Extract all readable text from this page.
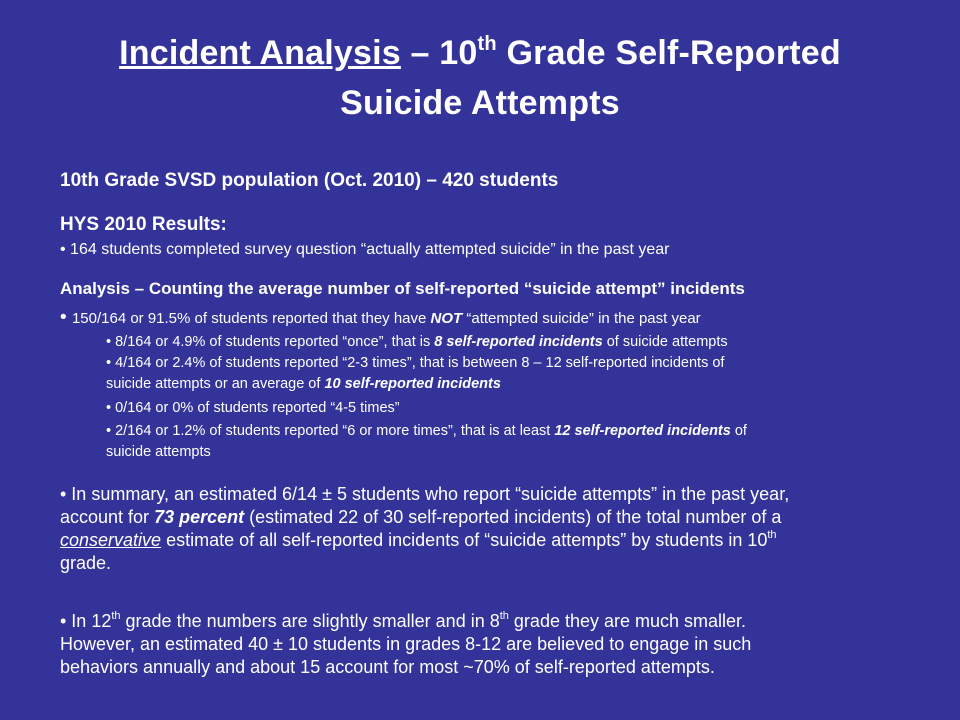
Incident Analysis – 10th Grade Self-Reported
Suicide Attempts
10th Grade SVSD population (Oct. 2010) – 420 students
HYS 2010 Results:
• 164 students completed survey question “actually attempted suicide” in the past year
Analysis – Counting the average number of self-reported “suicide attempt” incidents
• 150/164 or 91.5% of students reported that they have NOT “attempted suicide” in the past year
• 8/164 or 4.9% of students reported “once”, that is 8 self-reported incidents of suicide attempts
• 4/164 or 2.4% of students reported “2-3 times”, that is between 8 – 12 self-reported incidents of
suicide attempts or an average of 10 self-reported incidents
• 0/164 or 0% of students reported “4-5 times”
• 2/164 or 1.2% of students reported “6 or more times”, that is at least 12 self-reported incidents of
suicide attempts
• In summary, an estimated 6/14 ± 5 students who report “suicide attempts” in the past year,
account for 73 percent (estimated 22 of 30 self-reported incidents) of the total number of a
conservative estimate of all self-reported incidents of “suicide attempts” by students in 10th
grade.
• In 12th grade the numbers are slightly smaller and in 8th grade they are much smaller.
However, an estimated 40 ± 10 students in grades 8-12 are believed to engage in such
behaviors annually and about 15 account for most ~70% of self-reported attempts.
